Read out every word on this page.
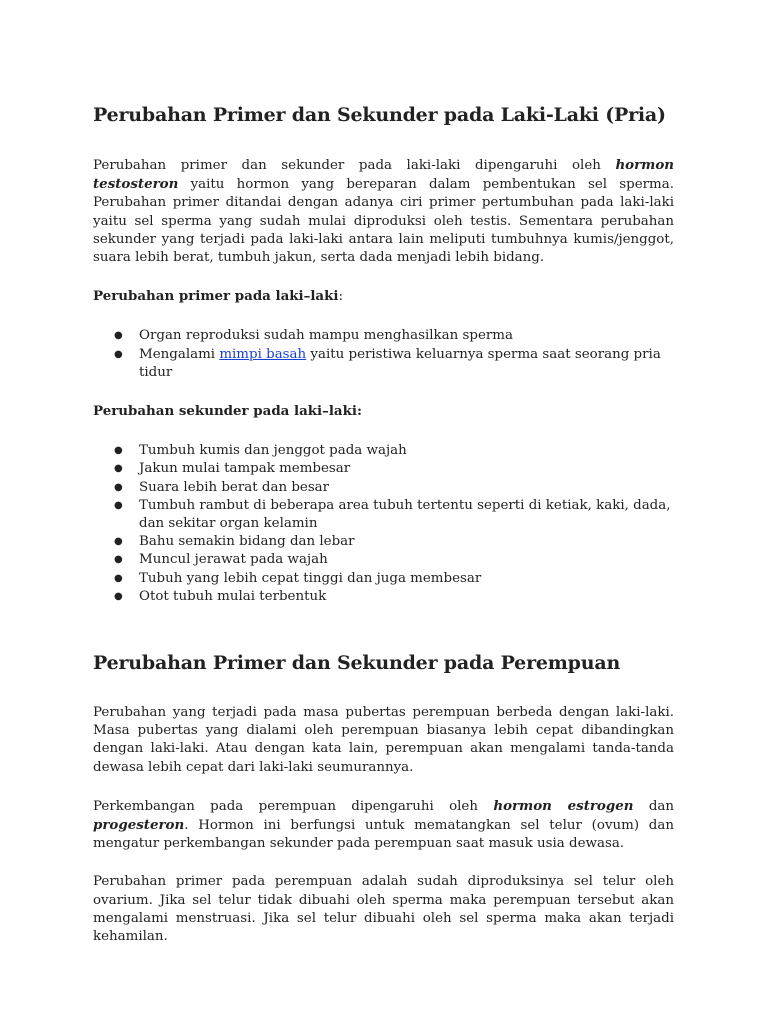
Perubahan Primer dan Sekunder pada Laki-Laki (Pria)

Perubahan primer dan sekunder pada laki-laki dipengaruhi oleh hormon testosteron yaitu hormon yang bereparan dalam pembentukan sel sperma. Perubahan primer ditandai dengan adanya ciri primer pertumbuhan pada laki-laki yaitu sel sperma yang sudah mulai diproduksi oleh testis. Sementara perubahan sekunder yang terjadi pada laki-laki antara lain meliputi tumbuhnya kumis/jenggot, suara lebih berat, tumbuh jakun, serta dada menjadi lebih bidang.

Perubahan primer pada laki–laki:

● Organ reproduksi sudah mampu menghasilkan sperma
● Mengalami mimpi basah yaitu peristiwa keluarnya sperma saat seorang pria tidur

Perubahan sekunder pada laki–laki:

● Tumbuh kumis dan jenggot pada wajah
● Jakun mulai tampak membesar
● Suara lebih berat dan besar
● Tumbuh rambut di beberapa area tubuh tertentu seperti di ketiak, kaki, dada, dan sekitar organ kelamin
● Bahu semakin bidang dan lebar
● Muncul jerawat pada wajah
● Tubuh yang lebih cepat tinggi dan juga membesar
● Otot tubuh mulai terbentuk
Perubahan Primer dan Sekunder pada Perempuan

Perubahan yang terjadi pada masa pubertas perempuan berbeda dengan laki-laki. Masa pubertas yang dialami oleh perempuan biasanya lebih cepat dibandingkan dengan laki-laki. Atau dengan kata lain, perempuan akan mengalami tanda-tanda dewasa lebih cepat dari laki-laki seumurannya.

Perkembangan pada perempuan dipengaruhi oleh hormon estrogen dan progesteron. Hormon ini berfungsi untuk mematangkan sel telur (ovum) dan mengatur perkembangan sekunder pada perempuan saat masuk usia dewasa.

Perubahan primer pada perempuan adalah sudah diproduksinya sel telur oleh ovarium. Jika sel telur tidak dibuahi oleh sperma maka perempuan tersebut akan mengalami menstruasi. Jika sel telur dibuahi oleh sel sperma maka akan terjadi kehamilan.
